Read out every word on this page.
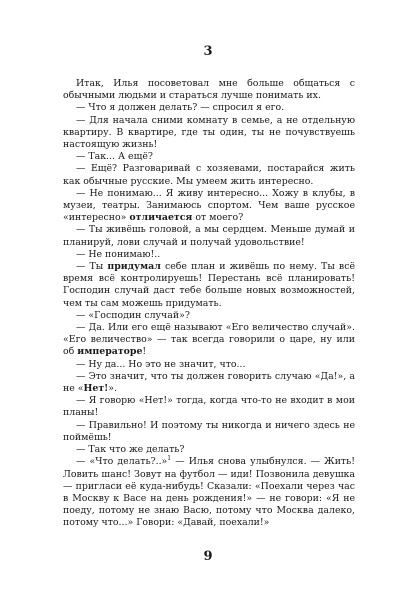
3

Итак, Илья посоветовал мне больше общаться с обычными людьми и стараться лучше понимать их.

— Что я должен делать? — спросил я его.

— Для начала сними комнату в семье, а не отдельную квартиру. В квартире, где ты один, ты не почувствуешь настоящую жизнь!

— Так... А ещё?

— Ещё? Разговаривай с хозяевами, постарайся жить как обычные русские. Мы умеем жить интересно.

— Не понимаю... Я живу интересно... Хожу в клубы, в музеи, театры. Занимаюсь спортом. Чем ваше русское «интересно» отличается от моего?

— Ты живёшь головой, а мы сердцем. Меньше думай и планируй, лови случай и получай удовольствие!

— Не понимаю!..

— Ты придумал себе план и живёшь по нему. Ты всё время всё контролируешь! Перестань всё планировать! Господин случай даст тебе больше новых возможностей, чем ты сам можешь придумать.

— «Господин случай»?

— Да. Или его ещё называют «Его величество случай». «Его величество» — так всегда говорили о царе, ну или об императоре!

— Ну да... Но это не значит, что...

— Это значит, что ты должен говорить случаю «Да!», а не «Нет!».

— Я говорю «Нет!» тогда, когда что-то не входит в мои планы!

— Правильно! И поэтому ты никогда и ничего здесь не поймёшь!

— Так что же делать?

— «Что делать?..»$^1$ — Илья снова улыбнулся. — Жить! Ловить шанс! Зовут на футбол — иди! Позвонила девушка — пригласи её куда-нибудь! Сказали: «Поехали через час в Москву к Васе на день рождения!» — не говори: «Я не поеду, потому не знаю Васю, потому что Москва далеко, потому что...» Говори: «Давай, поехали!»

9
